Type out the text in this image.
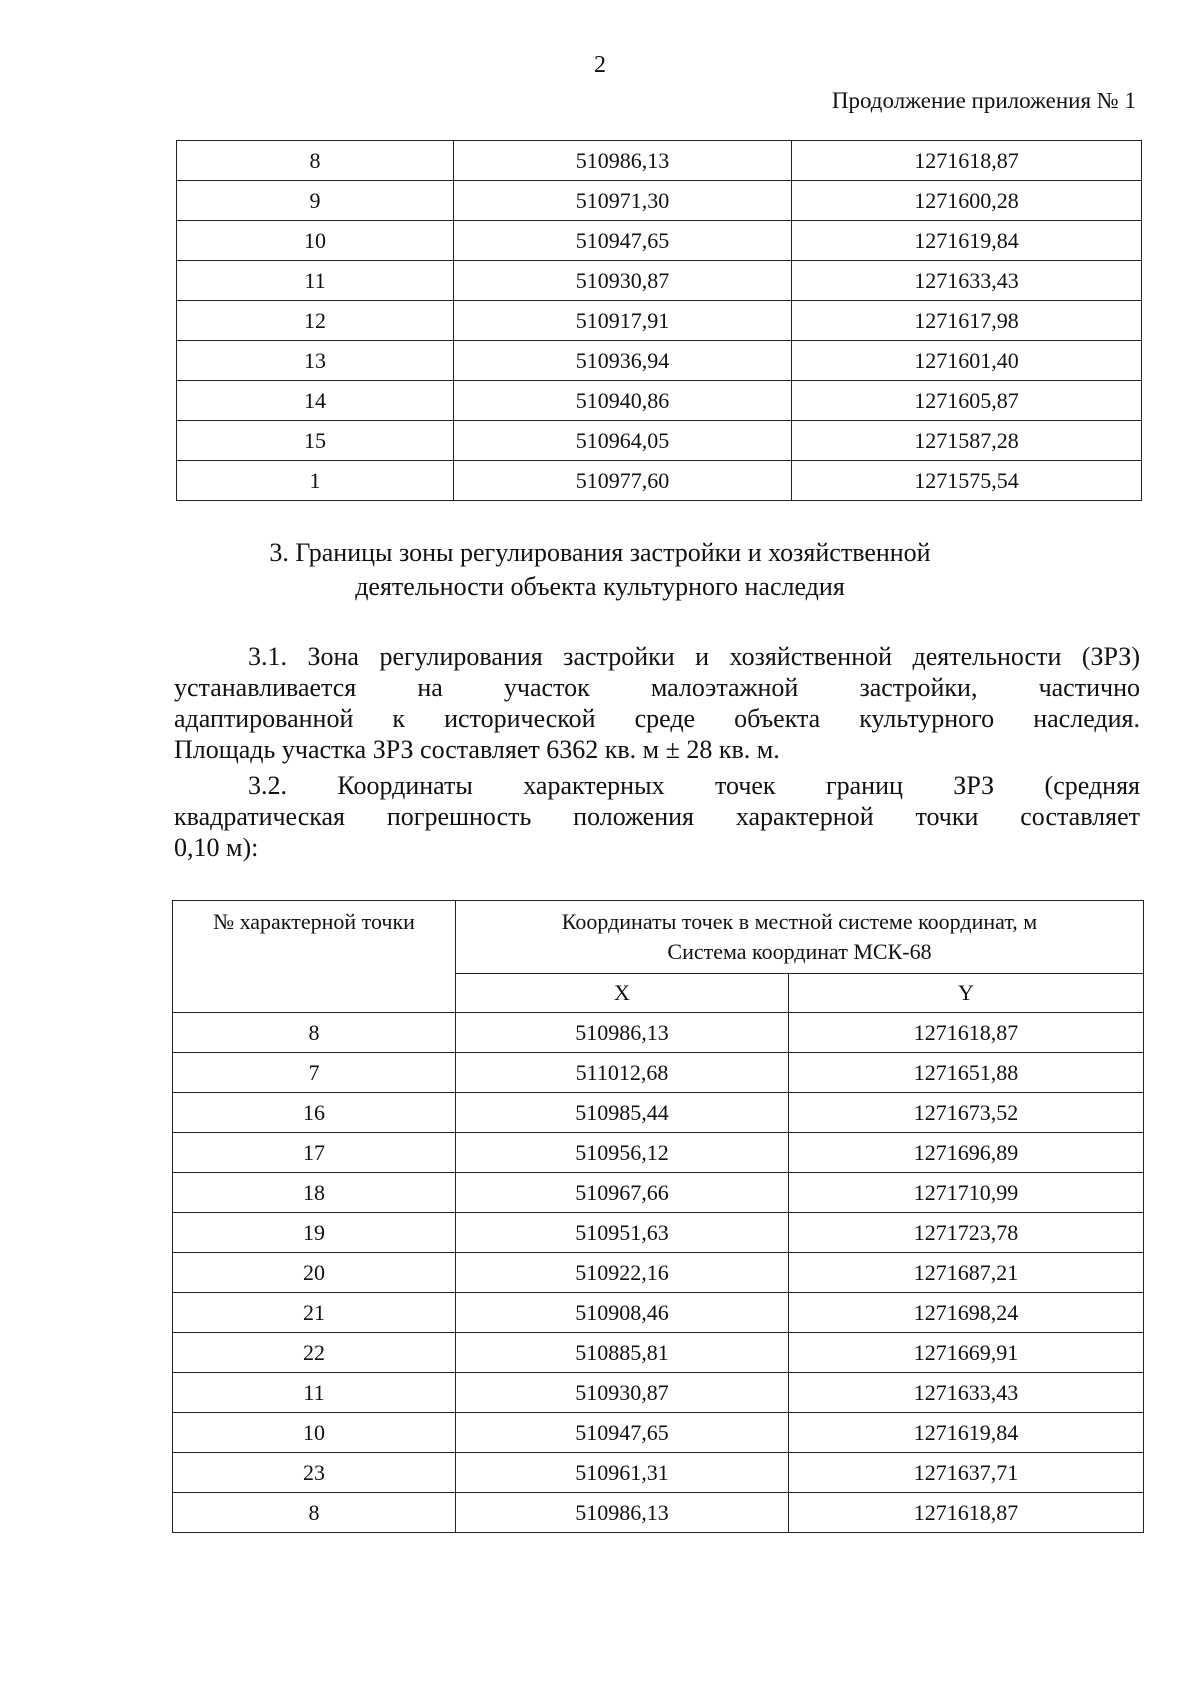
2
Продолжение приложения № 1
8	510986,13	1271618,87
9	510971,30	1271600,28
10	510947,65	1271619,84
11	510930,87	1271633,43
12	510917,91	1271617,98
13	510936,94	1271601,40
14	510940,86	1271605,87
15	510964,05	1271587,28
1	510977,60	1271575,54
3. Границы зоны регулирования застройки и хозяйственной
деятельности объекта культурного наследия
3.1. Зона регулирования застройки и хозяйственной деятельности (ЗРЗ)
устанавливается на участок малоэтажной застройки, частично
адаптированной к исторической среде объекта культурного наследия.
Площадь участка ЗРЗ составляет 6362 кв. м ± 28 кв. м.
3.2. Координаты характерных точек границ ЗРЗ (средняя
квадратическая погрешность положения характерной точки составляет
0,10 м):
№ характерной точки	Координаты точек в местной системе координат, м
Система координат МСК-68	

	X	Y
8	510986,13	1271618,87
7	511012,68	1271651,88
16	510985,44	1271673,52
17	510956,12	1271696,89
18	510967,66	1271710,99
19	510951,63	1271723,78
20	510922,16	1271687,21
21	510908,46	1271698,24
22	510885,81	1271669,91
11	510930,87	1271633,43
10	510947,65	1271619,84
23	510961,31	1271637,71
8	510986,13	1271618,87
